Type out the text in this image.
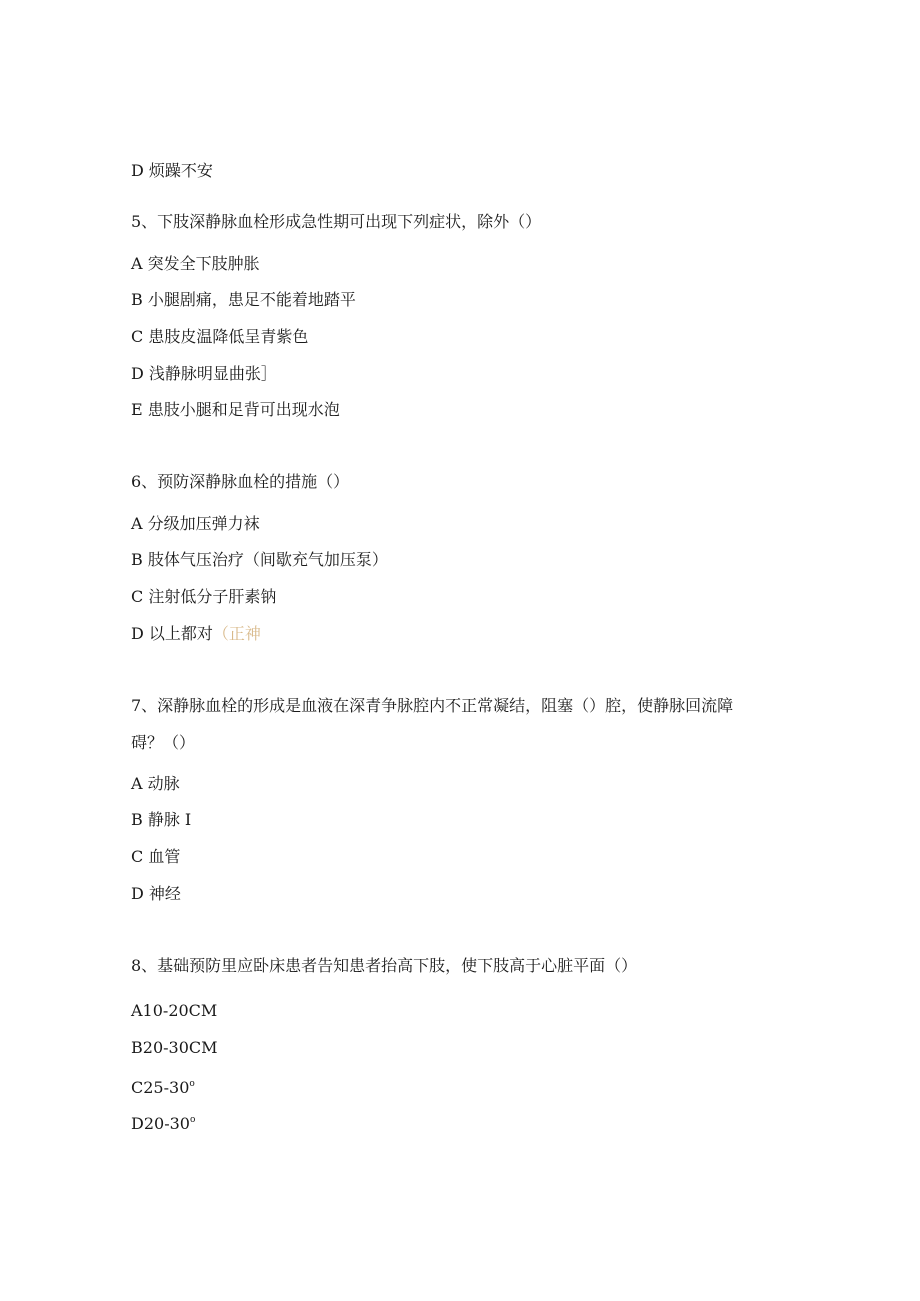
D 烦躁不安

5、下肢深静脉血栓形成急性期可出现下列症状，除外（）

A 突发全下肢肿胀

B 小腿剧痛，患足不能着地踏平

C 患肢皮温降低呈青紫色

D 浅静脉明显曲张］

E 患肢小腿和足背可出现水泡

6、预防深静脉血栓的措施（）

A 分级加压弹力袜

B 肢体气压治疗（间歇充气加压泵）

C 注射低分子肝素钠

D 以上都对（正神

7、深静脉血栓的形成是血液在深青争脉腔内不正常凝结，阻塞（）腔，使静脉回流障

碍？（）

A 动脉

B 静脉 I

C 血管

D 神经

8、基础预防里应卧床患者告知患者抬高下肢，使下肢高于心脏平面（）

A10-20CM

B20-30CM

C25-30$^o$

D20-30$^o$
